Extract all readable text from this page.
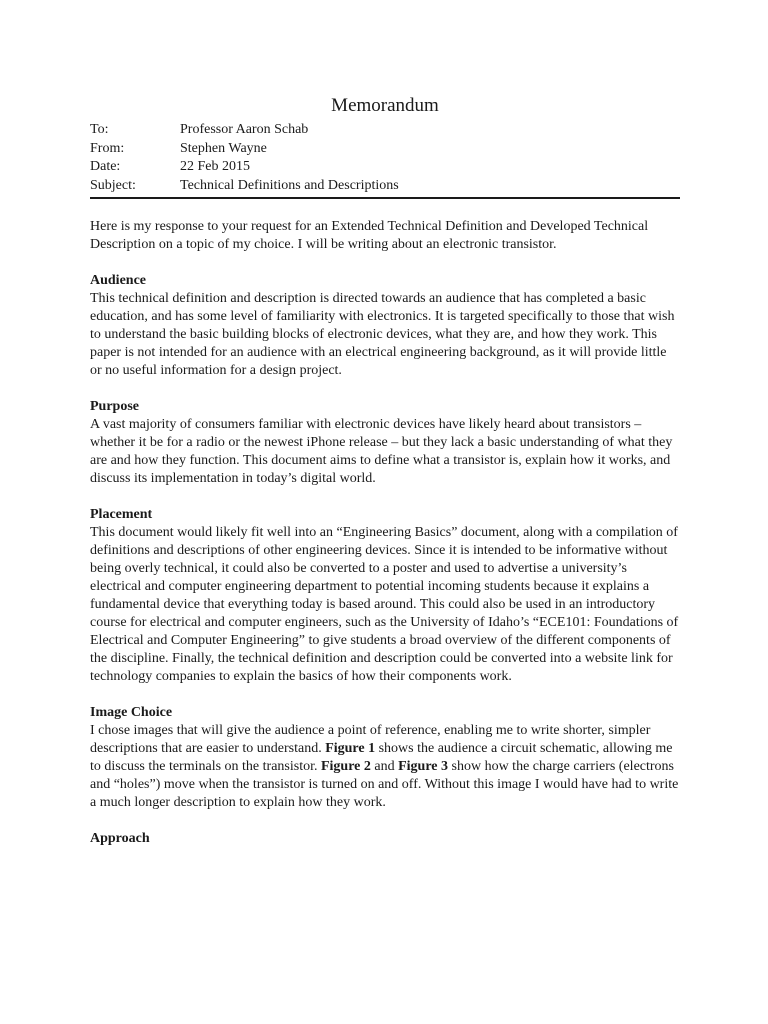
Memorandum
To:	Professor Aaron Schab
From:	Stephen Wayne
Date:	22 Feb 2015
Subject:	Technical Definitions and Descriptions

Here is my response to your request for an Extended Technical Definition and Developed Technical Description on a topic of my choice. I will be writing about an electronic transistor.

Audience

This technical definition and description is directed towards an audience that has completed a basic education, and has some level of familiarity with electronics. It is targeted specifically to those that wish to understand the basic building blocks of electronic devices, what they are, and how they work. This paper is not intended for an audience with an electrical engineering background, as it will provide little or no useful information for a design project.

Purpose

A vast majority of consumers familiar with electronic devices have likely heard about transistors – whether it be for a radio or the newest iPhone release – but they lack a basic understanding of what they are and how they function. This document aims to define what a transistor is, explain how it works, and discuss its implementation in today’s digital world.

Placement

This document would likely fit well into an “Engineering Basics” document, along with a compilation of definitions and descriptions of other engineering devices. Since it is intended to be informative without being overly technical, it could also be converted to a poster and used to advertise a university’s electrical and computer engineering department to potential incoming students because it explains a fundamental device that everything today is based around. This could also be used in an introductory course for electrical and computer engineers, such as the University of Idaho’s “ECE101: Foundations of Electrical and Computer Engineering” to give students a broad overview of the different components of the discipline. Finally, the technical definition and description could be converted into a website link for technology companies to explain the basics of how their components work.

Image Choice

I chose images that will give the audience a point of reference, enabling me to write shorter, simpler descriptions that are easier to understand. Figure 1 shows the audience a circuit schematic, allowing me to discuss the terminals on the transistor. Figure 2 and Figure 3 show how the charge carriers (electrons and “holes”) move when the transistor is turned on and off. Without this image I would have had to write a much longer description to explain how they work.

Approach
